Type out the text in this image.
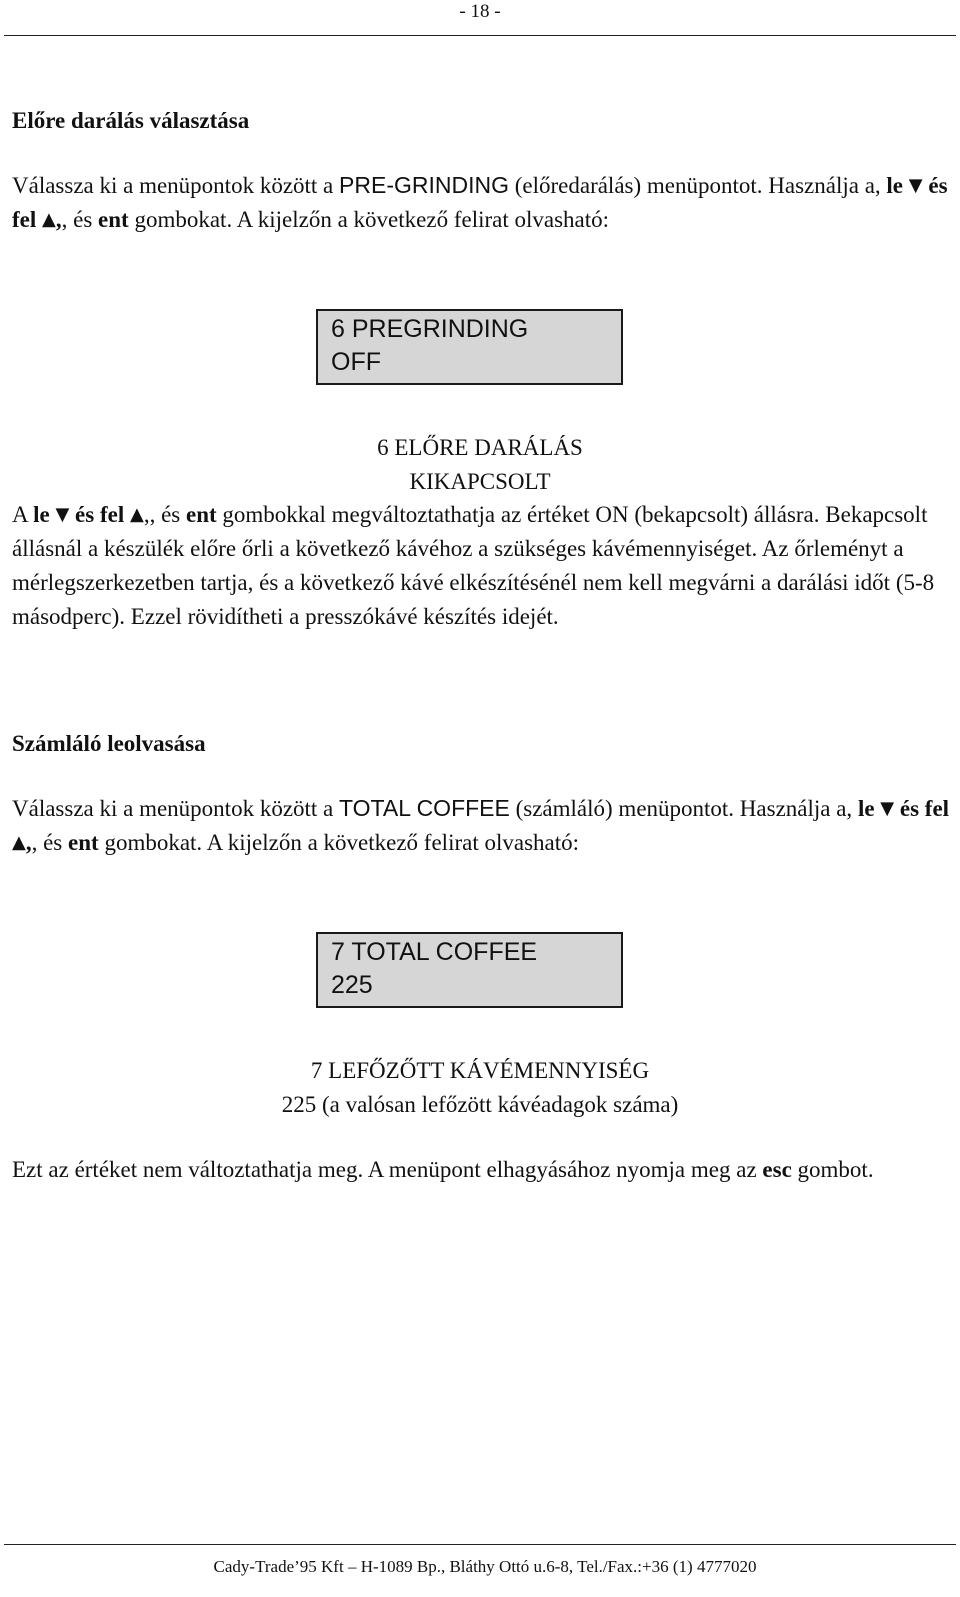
- 18 -
Előre darálás választása

Válassza ki a menüpontok között a PRE-GRINDING (előredarálás) menüpontot. Használja a, le ▼ és fel ▲,, és ent gombokat. A kijelzőn a következő felirat olvasható:

6 PREGRINDING
OFF
6 ELŐRE DARÁLÁS
KIKAPCSOLT

A le ▼ és fel ▲,, és ent gombokkal megváltoztathatja az értéket ON (bekapcsolt) állásra. Bekapcsolt állásnál a készülék előre őrli a következő kávéhoz a szükséges kávémennyiséget. Az őrleményt a mérlegszerkezetben tartja, és a következő kávé elkészítésénél nem kell megvárni a darálási időt (5-8 másodperc). Ezzel rövidítheti a presszókávé készítés idejét.

Számláló leolvasása

Válassza ki a menüpontok között a TOTAL COFFEE (számláló) menüpontot. Használja a, le ▼ és fel ▲,, és ent gombokat. A kijelzőn a következő felirat olvasható:

7 TOTAL COFFEE
225
7 LEFŐZŐTT KÁVÉMENNYISÉG
225 (a valósan lefőzött kávéadagok száma)

Ezt az értéket nem változtathatja meg. A menüpont elhagyásához nyomja meg az esc gombot.

Cady-Trade’95 Kft – H-1089 Bp., Bláthy Ottó u.6-8, Tel./Fax.:+36 (1) 4777020
